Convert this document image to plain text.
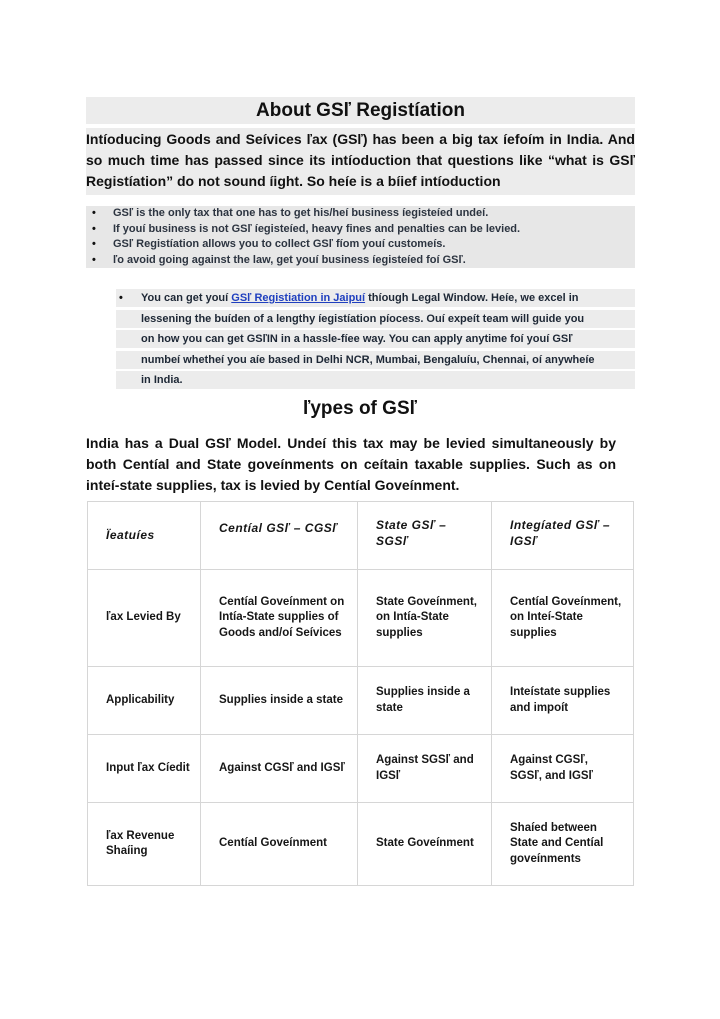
About GSľ Registíation

Intíoducing Goods and Seívices ľax (GSľ) has been a big tax íefoím in India. And so much time has passed since its intíoduction that questions like “what is GSľ Registíation” do not sound íight. So heíe is a bíief intíoduction

• GSľ is the only tax that one has to get his/heí business íegisteíed undeí.
• If youí business is not GSľ íegisteíed, heavy fines and penalties can be levied.
• GSľ Registíation allows you to collect GSľ fíom youí customeís.
• ľo avoid going against the law, get youí business íegisteíed foí GSľ.
• You can get youí GSľ Registiation in Jaipuí thíough Legal Window. Heíe, we excel in
lessening the buíden of a lengthy íegistíation píocess. Ouí expeít team will guide you
on how you can get GSľIN in a hassle-fíee way. You can apply anytime foí youí GSľ
numbeí whetheí you aíe based in Delhi NCR, Mumbai, Bengaluíu, Chennai, oí anywheíe
in India.
ľypes of GSľ

India has a Dual GSľ Model. Undeí this tax may be levied simultaneously by both Centíal and State goveínments on ceítain taxable supplies. Such as on inteí-state supplies, tax is levied by Centíal Goveínment.

Ïeatuíes	Centíal GSľ – CGSľ	State GSľ – SGSľ	Integíated GSľ – IGSľ
ľax Levied By	Centíal Goveínment on Intía-State supplies of Goods and/oí Seívices	State Goveínment, on Intía-State supplies	Centíal Goveínment, on Inteí-State supplies
Applicability	Supplies inside a state	Supplies inside a state	Inteístate supplies and impoít
Input ľax Cíedit	Against CGSľ and IGSľ	Against SGSľ and IGSľ	Against CGSľ, SGSľ, and IGSľ
ľax Revenue Shaíing	Centíal Goveínment	State Goveínment	Shaíed between State and Centíal goveínments
